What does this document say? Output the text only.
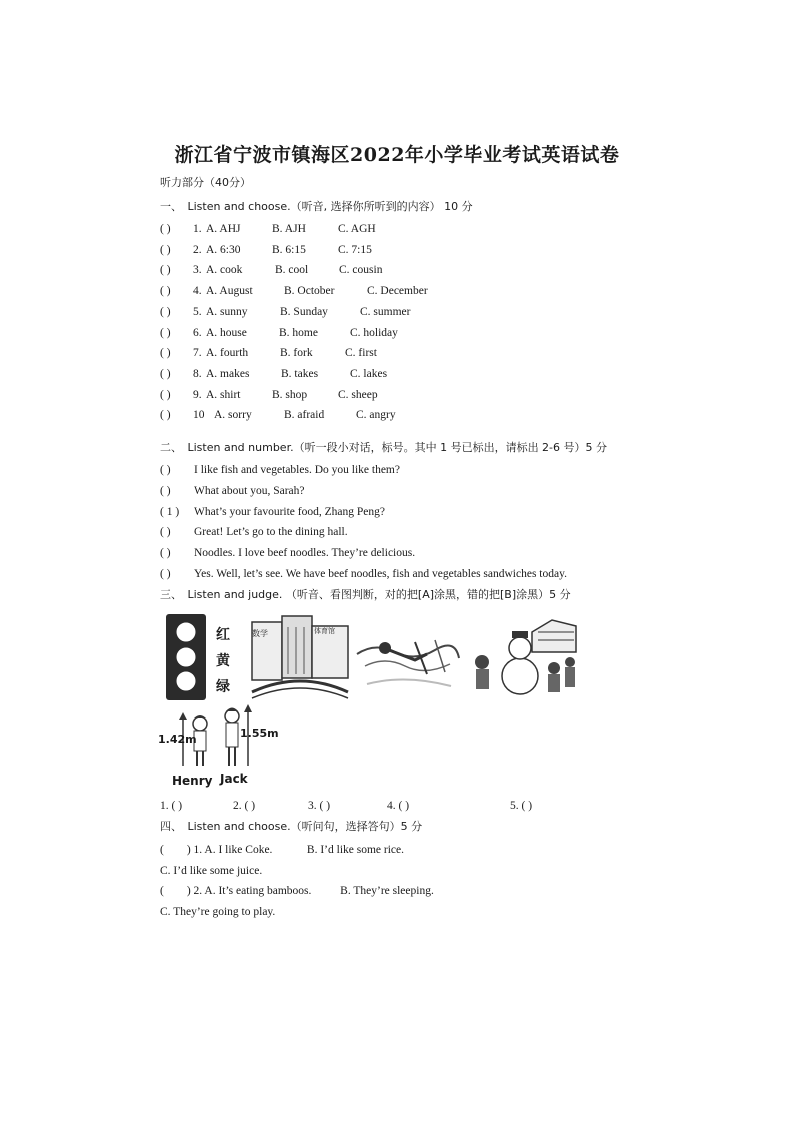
浙江省宁波市镇海区2022年小学毕业考试英语试卷
听力部分（40分）
一、　Listen and choose.（听音, 选择你所听到的内容） 10 分
( ) 1. A. AHJ	B. AJH	C. AGH
( ) 2. A. 6:30	B. 6:15	C. 7:15
( ) 3. A. cook	B. cool	C. cousin
( ) 4. A. August	B. October	C. December
( ) 5. A. sunny	B. Sunday	C. summer
( ) 6. A. house	B. home	C. holiday
( ) 7. A. fourth	B. fork	C. first
( ) 8. A. makes	B. takes	C. lakes
( ) 9. A. shirt	B. shop	C. sheep
( ) 10 A. sorry	B. afraid	C. angry
二、　Listen and number.（听一段小对话，标号。其中 1 号已标出，请标出 2-6 号）5 分
( ) I like fish and vegetables. Do you like them?
( ) What about you, Sarah?
( 1 ) What’s your favourite food, Zhang Peng?
( ) Great! Let’s go to the dining hall.
( ) Noodles. I love beef noodles. They’re delicious.
( ) Yes. Well, let’s see. We have beef noodles, fish and vegetables sandwiches today.
三、　Listen and judge. （听音、看图判断，对的把[A]涂黑，错的把[B]涂黑）5 分
红
黄
绿
数学	体育馆
1.42m	1.55m
Henry Jack
1. ( )	2. ( )	3. ( )	4. ( )	5. ( )
四、　Listen and choose.（听问句，选择答句）5 分
(        ) 1. A. I like Coke.            B. I’d like some rice.
C. I’d like some juice.
(        ) 2. A. It’s eating bamboos.          B. They’re sleeping.
C. They’re going to play.
